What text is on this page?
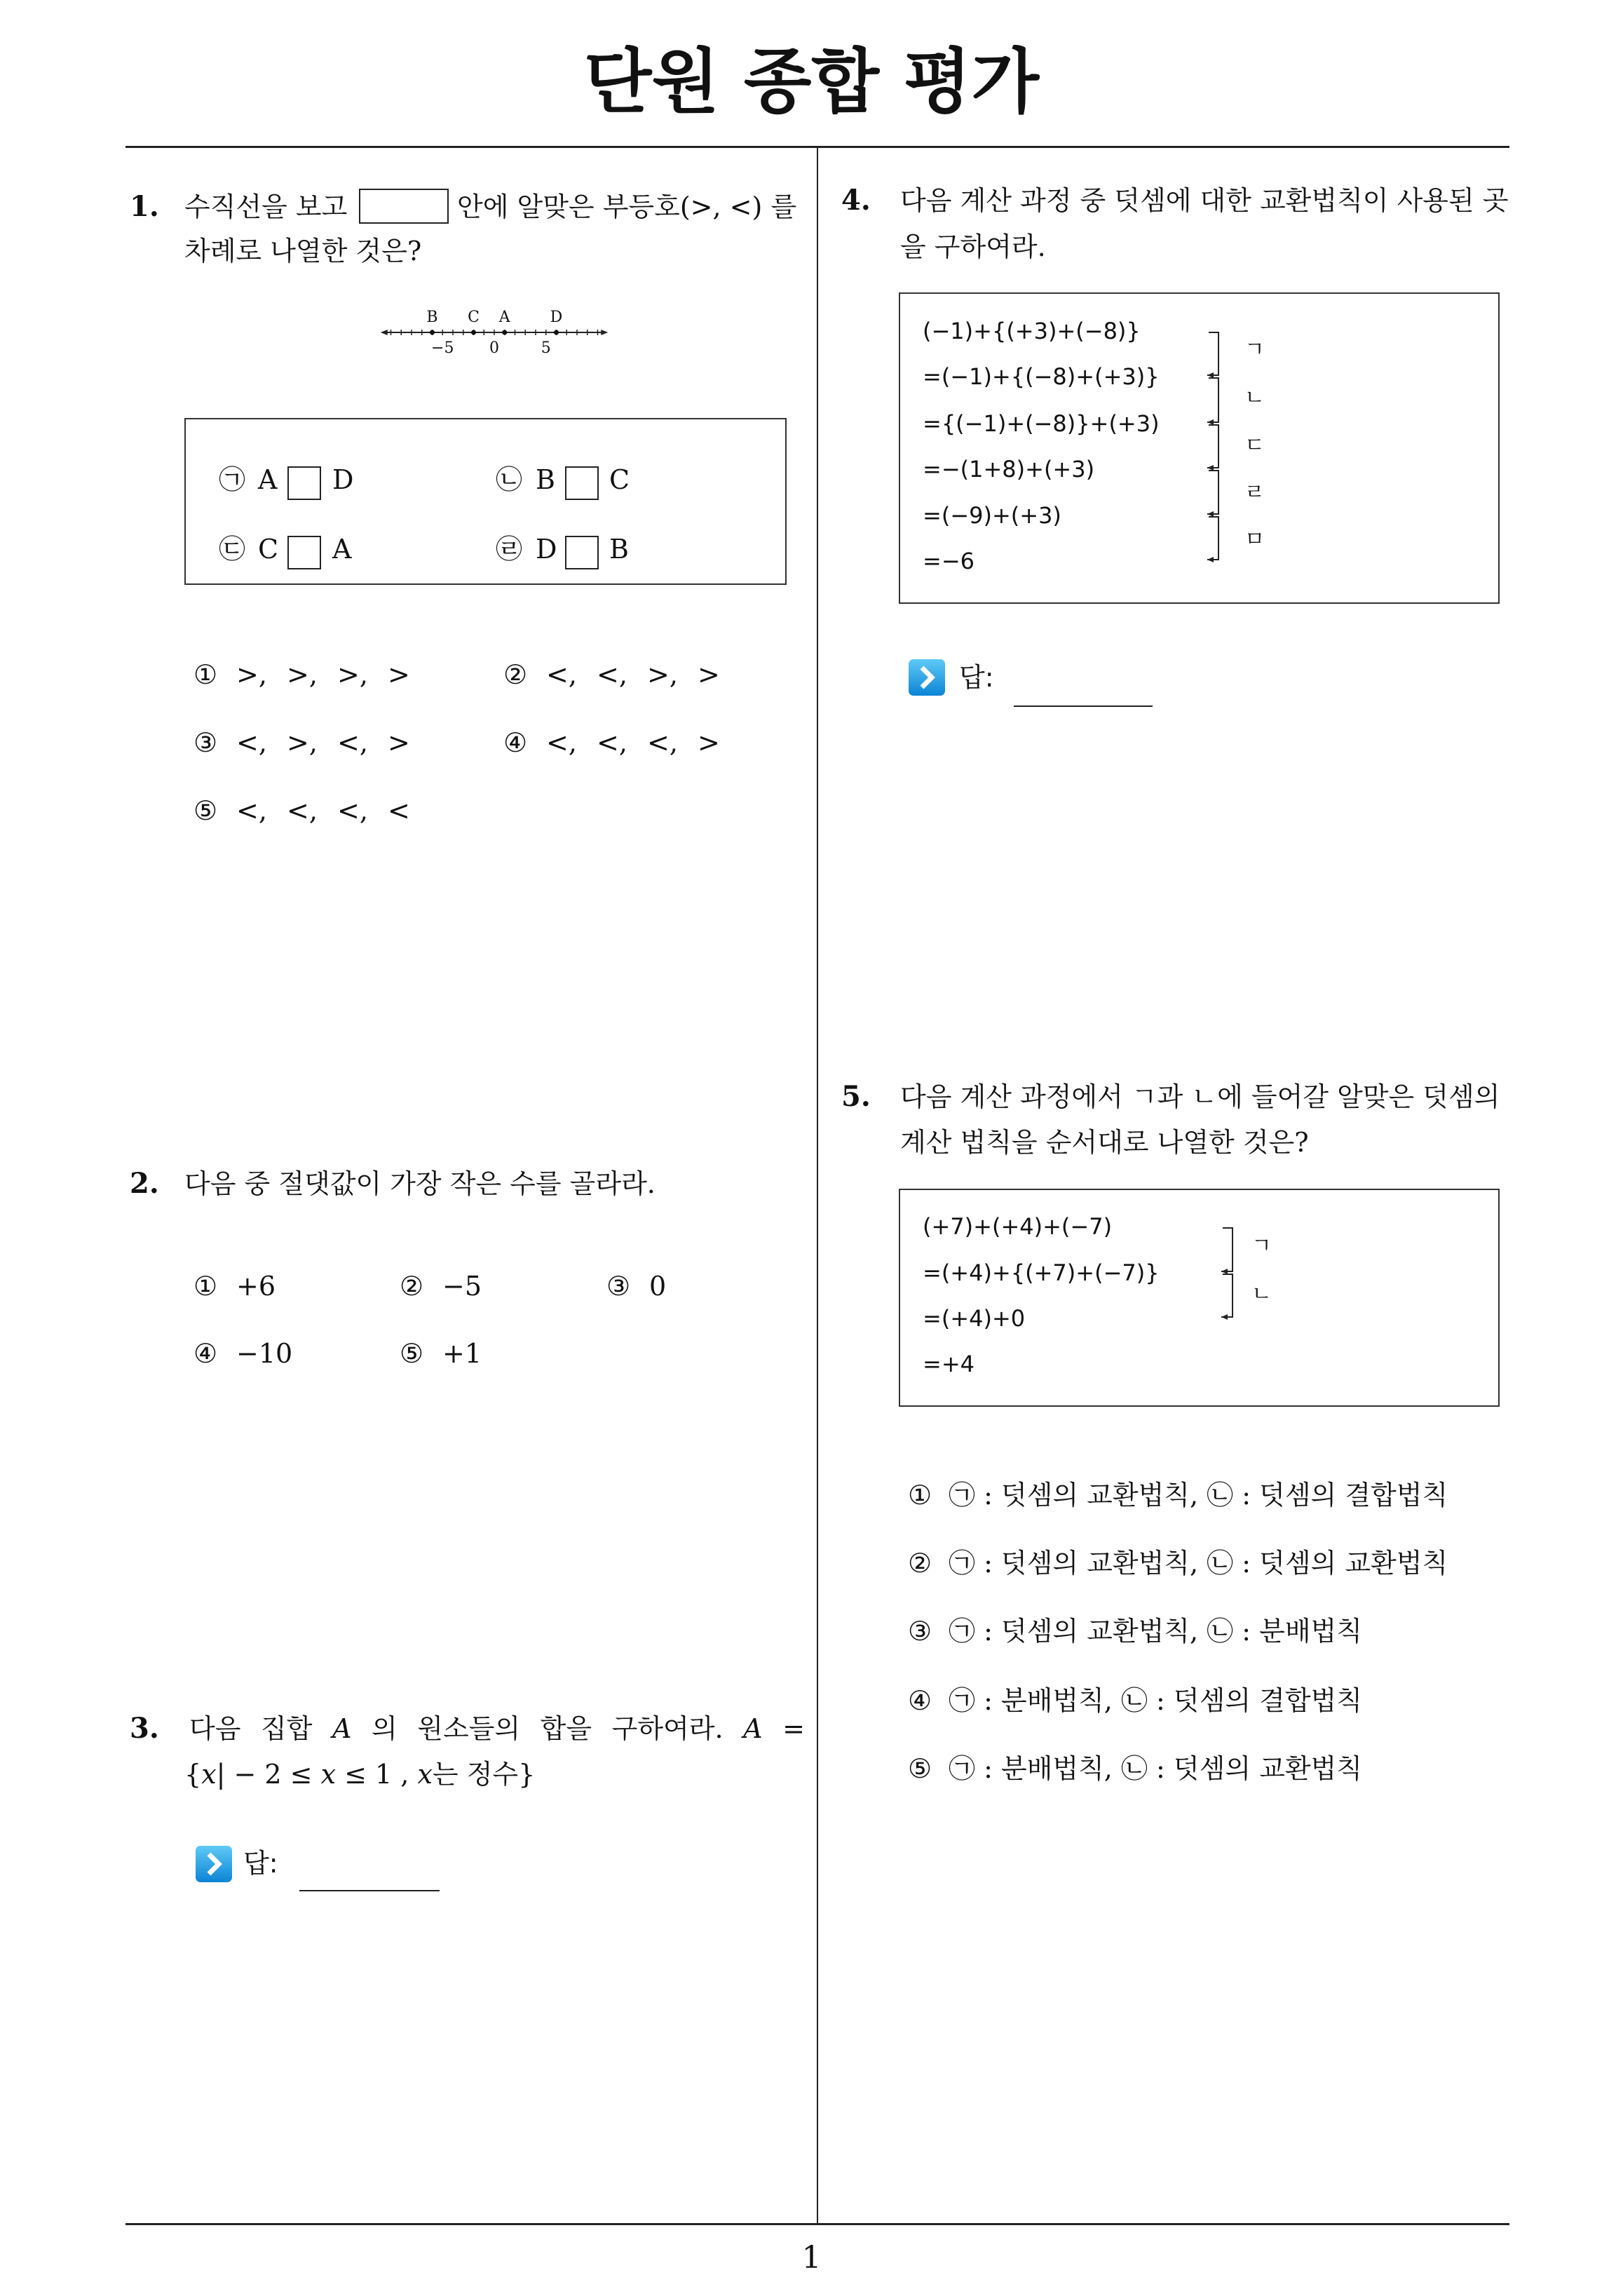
단원 종합 평가
1
1. 수직선을 보고	안에 알맞은 부등호(>, <) 를
차례로 나열한 것은?
B C A	D
−5 0	5
㉠ A D	㉡ B C
㉢ C A	㉣ D B
① >, >, >, >	② <, <, >, >
③ <, >, <, >	④ <, <, <, >
⑤ <, <, <, <
2. 다음 중 절댓값이 가장 작은 수를 골라라.
① +6	② −5	③ 0
④ −10	⑤ +1
3. 다음 집합 A 의 원소들의 합을 구하여라. A =
{x| − 2 ≤ x ≤ 1 , x는 정수}
답:
4. 다음 계산 과정 중 덧셈에 대한 교환법칙이 사용된 곳
을 구하여라.
(−1)+{(+3)+(−8)}
=(−1)+{(−8)+(+3)}
={(−1)+(−8)}+(+3)
=−(1+8)+(+3)
=(−9)+(+3)
=−6
ㄱ
ㄴ
ㄷ
ㄹ
ㅁ
답:
5. 다음 계산 과정에서 ㄱ과 ㄴ에 들어갈 알맞은 덧셈의
계산 법칙을 순서대로 나열한 것은?
(+7)+(+4)+(−7)
=(+4)+{(+7)+(−7)}
=(+4)+0
=+4
ㄱ
ㄴ
① ㉠ : 덧셈의 교환법칙, ㉡ : 덧셈의 결합법칙
② ㉠ : 덧셈의 교환법칙, ㉡ : 덧셈의 교환법칙
③ ㉠ : 덧셈의 교환법칙, ㉡ : 분배법칙
④ ㉠ : 분배법칙, ㉡ : 덧셈의 결합법칙
⑤ ㉠ : 분배법칙, ㉡ : 덧셈의 교환법칙
